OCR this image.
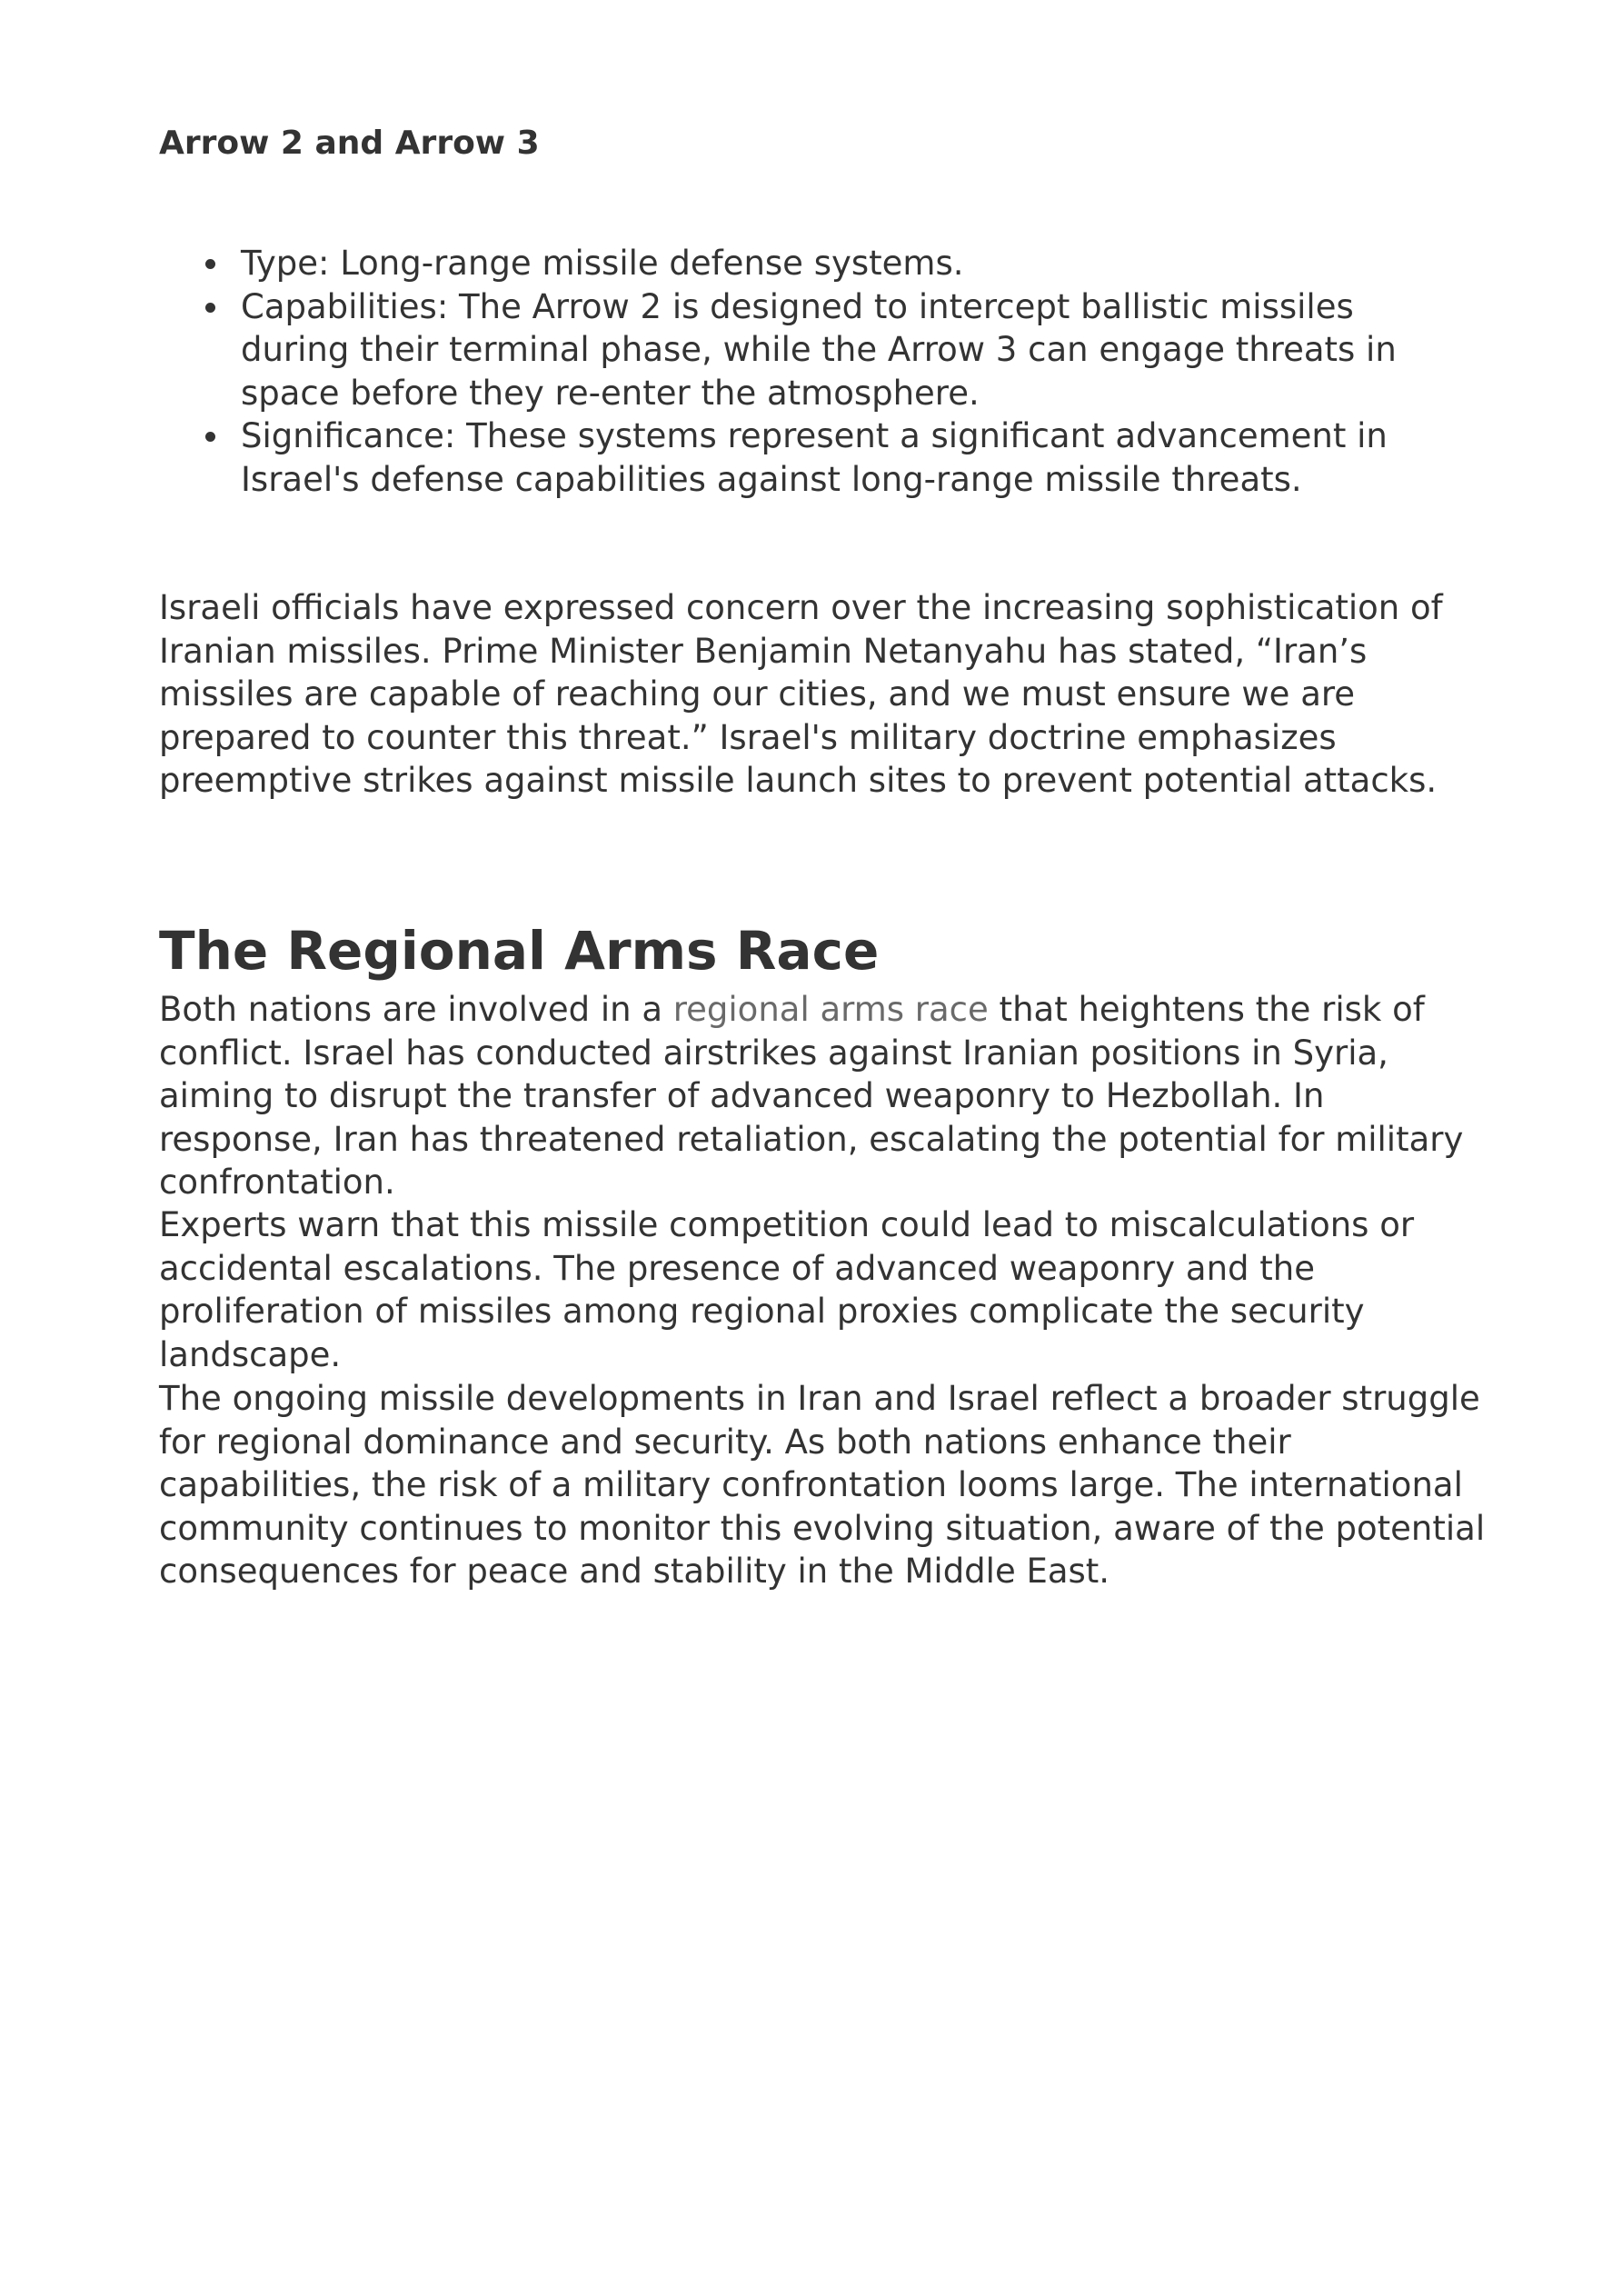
Arrow 2 and Arrow 3
Type: Long-range missile defense systems.
Capabilities: The Arrow 2 is designed to intercept ballistic missiles during their terminal phase, while the Arrow 3 can engage threats in space before they re-enter the atmosphere.
Significance: These systems represent a significant advancement in Israel's defense capabilities against long-range missile threats.

Israeli officials have expressed concern over the increasing sophistication of Iranian missiles. Prime Minister Benjamin Netanyahu has stated, “Iran’s missiles are capable of reaching our cities, and we must ensure we are prepared to counter this threat.” Israel's military doctrine emphasizes preemptive strikes against missile launch sites to prevent potential attacks.

The Regional Arms Race

Both nations are involved in a regional arms race that heightens the risk of conflict. Israel has conducted airstrikes against Iranian positions in Syria, aiming to disrupt the transfer of advanced weaponry to Hezbollah. In response, Iran has threatened retaliation, escalating the potential for military confrontation.

Experts warn that this missile competition could lead to miscalculations or accidental escalations. The presence of advanced weaponry and the proliferation of missiles among regional proxies complicate the security landscape.

The ongoing missile developments in Iran and Israel reflect a broader struggle for regional dominance and security. As both nations enhance their capabilities, the risk of a military confrontation looms large. The international community continues to monitor this evolving situation, aware of the potential consequences for peace and stability in the Middle East.
